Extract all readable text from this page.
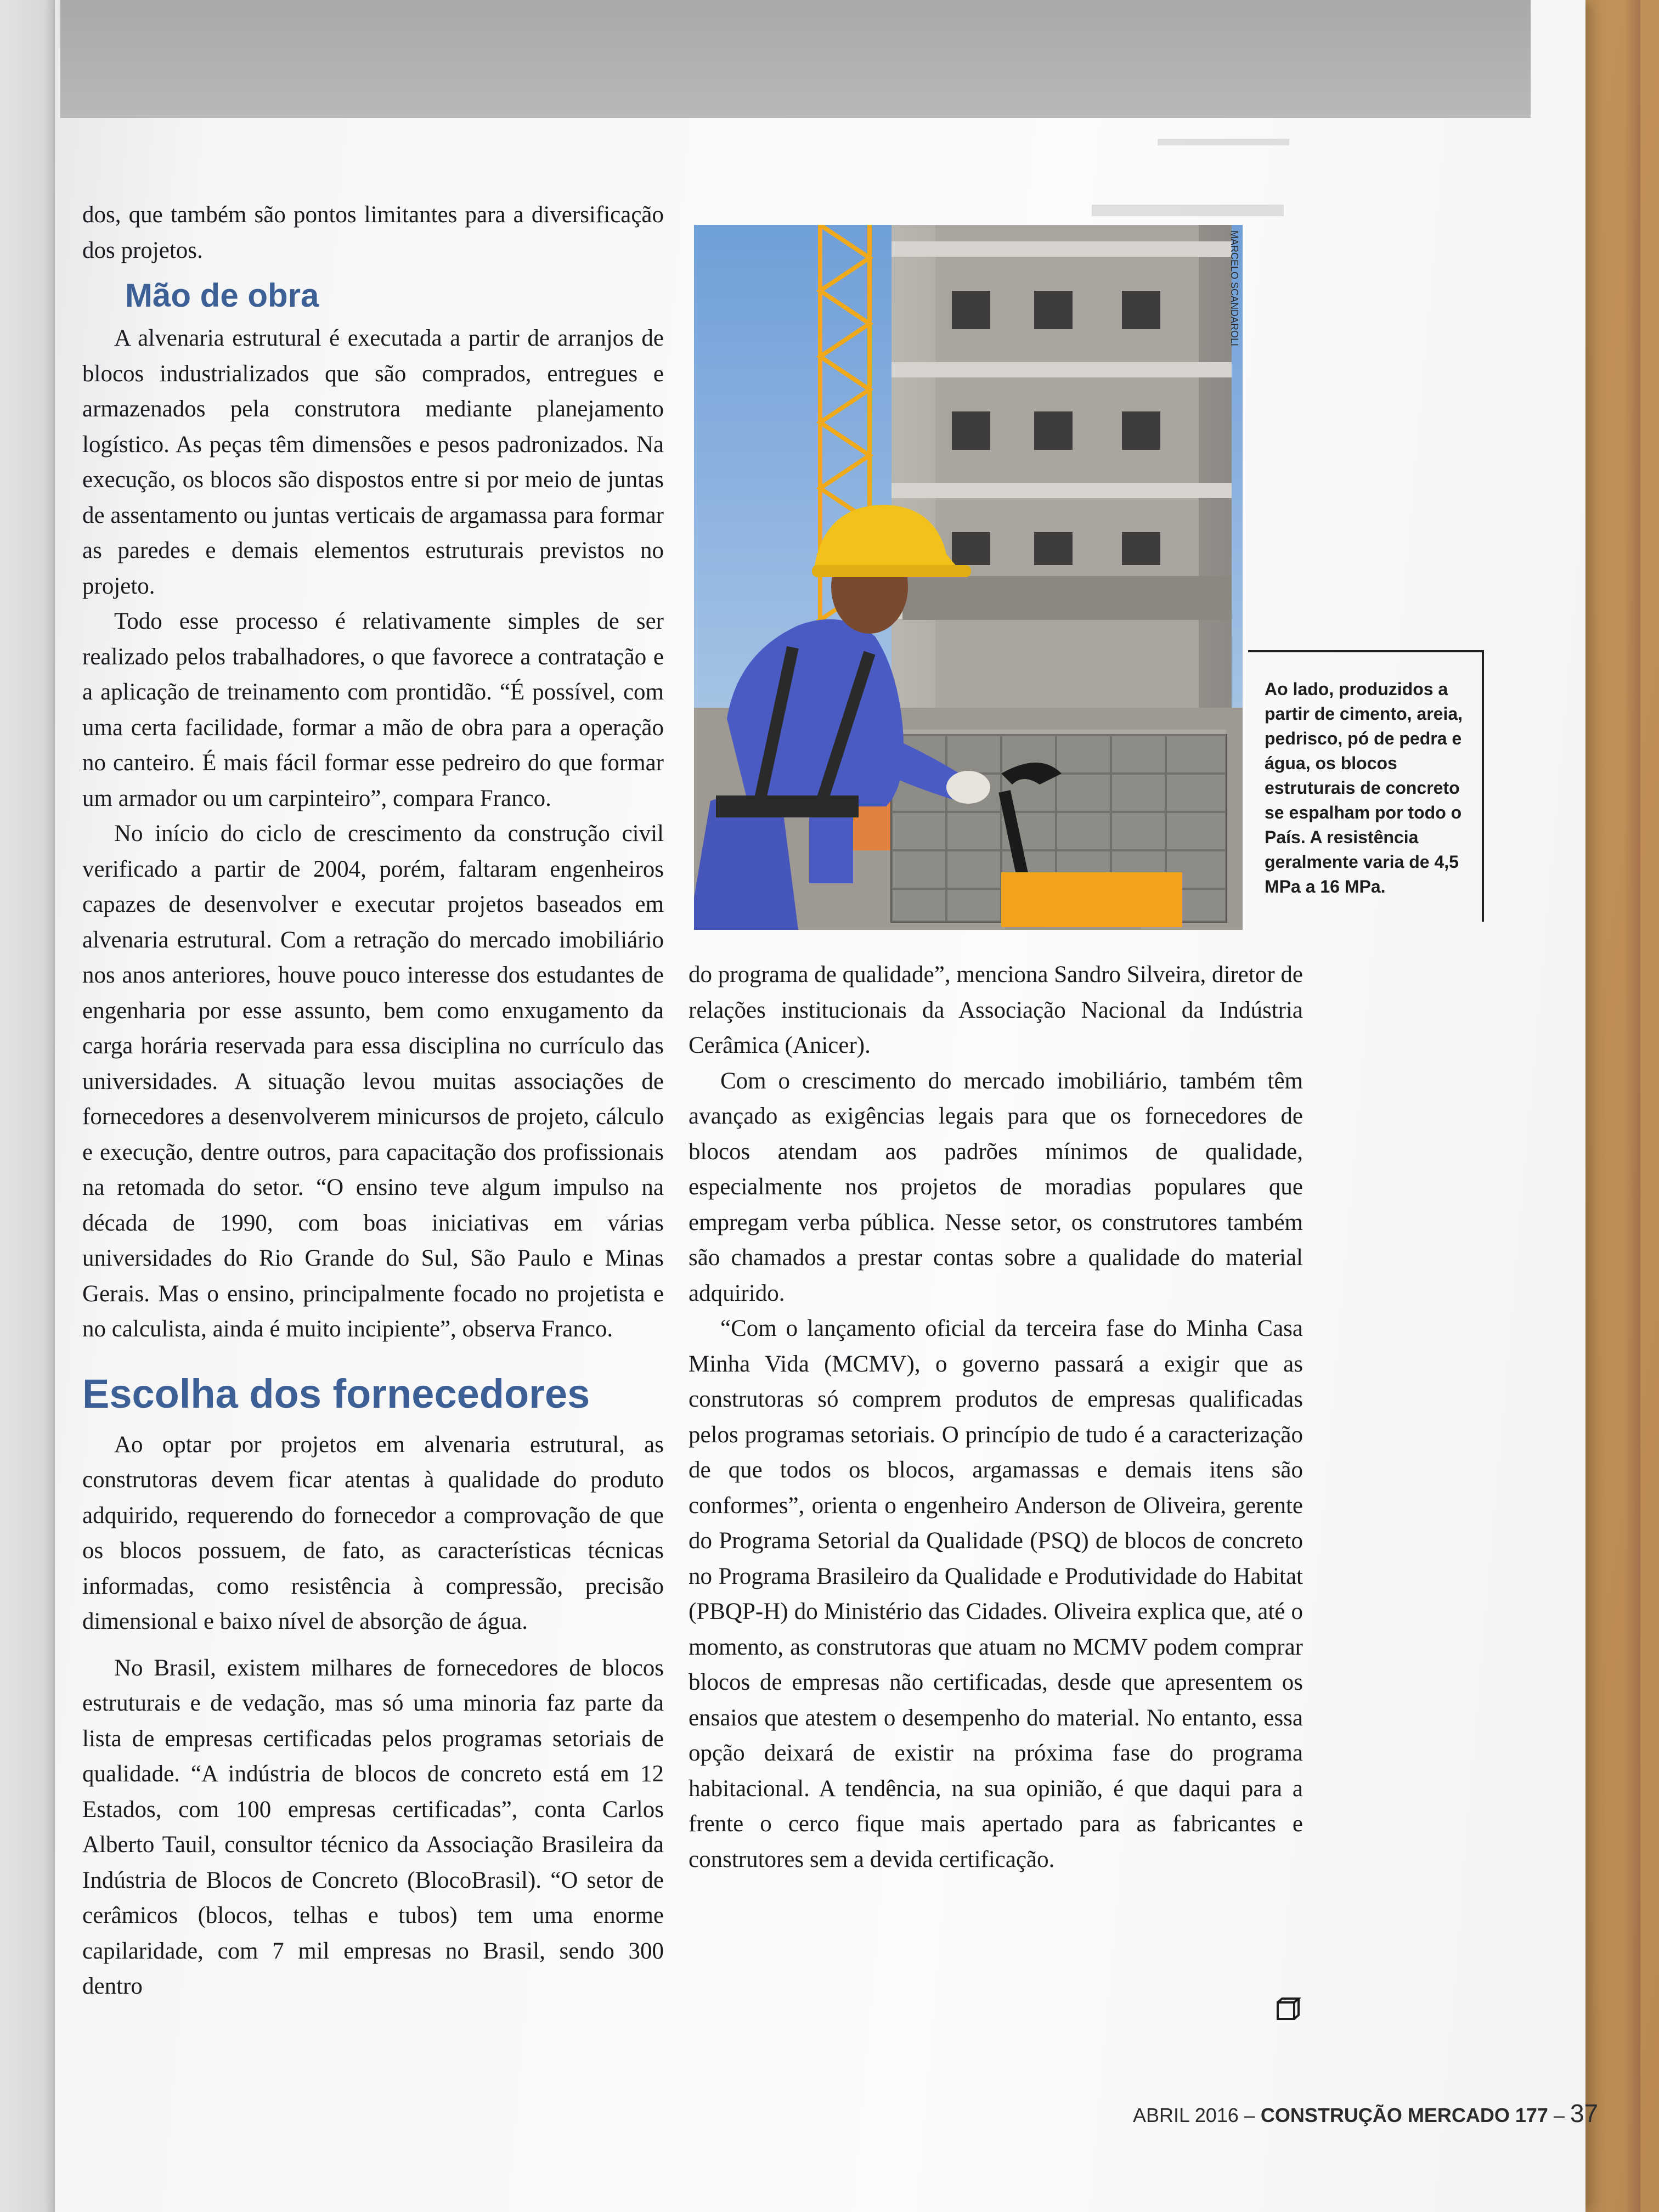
▬▬▬▬▬▬
▬▬▬▬▬

dos, que também são pontos limitantes para a diversificação dos projetos.

Mão de obra

A alvenaria estrutural é executada a partir de arranjos de blocos industrializados que são comprados, entregues e armazenados pela construtora mediante planejamento logístico. As peças têm dimensões e pesos padronizados. Na execução, os blocos são dispostos entre si por meio de juntas de assentamento ou juntas verticais de argamassa para formar as paredes e demais elementos estruturais previstos no projeto.

Todo esse processo é relativamente simples de ser realizado pelos trabalhadores, o que favorece a contratação e a aplicação de treinamento com prontidão. “É possível, com uma certa facilidade, formar a mão de obra para a operação no canteiro. É mais fácil formar esse pedreiro do que formar um armador ou um carpinteiro”, compara Franco.

No início do ciclo de crescimento da construção civil verificado a partir de 2004, porém, faltaram engenheiros capazes de desenvolver e executar projetos baseados em alvenaria estrutural. Com a retração do mercado imobiliário nos anos anteriores, houve pouco interesse dos estudantes de engenharia por esse assunto, bem como enxugamento da carga horária reservada para essa disciplina no currículo das universidades. A situação levou muitas associações de fornecedores a desenvolverem minicursos de projeto, cálculo e execução, dentre outros, para capacitação dos profissionais na retomada do setor. “O ensino teve algum impulso na década de 1990, com boas iniciativas em várias universidades do Rio Grande do Sul, São Paulo e Minas Gerais. Mas o ensino, principalmente focado no projetista e no calculista, ainda é muito incipiente”, observa Franco.

Escolha dos fornecedores

Ao optar por projetos em alvenaria estrutural, as construtoras devem ficar atentas à qualidade do produto adquirido, requerendo do fornecedor a comprovação de que os blocos possuem, de fato, as características técnicas informadas, como resistência à compressão, precisão dimensional e baixo nível de absorção de água.

No Brasil, existem milhares de fornecedores de blocos estruturais e de vedação, mas só uma minoria faz parte da lista de empresas certificadas pelos programas setoriais de qualidade. “A indústria de blocos de concreto está em 12 Estados, com 100 empresas certificadas”, conta Carlos Alberto Tauil, consultor técnico da Associação Brasileira da Indústria de Blocos de Concreto (BlocoBrasil). “O setor de cerâmicos (blocos, telhas e tubos) tem uma enorme capilaridade, com 7 mil empresas no Brasil, sendo 300 dentro

MARCELO SCANDAROLI
Ao lado, produzidos a partir de cimento, areia, pedrisco, pó de pedra e água, os blocos estruturais de concreto se espalham por todo o País. A resistência geralmente varia de 4,5 MPa a 16 MPa.

do programa de qualidade”, menciona Sandro Silveira, diretor de relações institucionais da Associação Nacional da Indústria Cerâmica (Anicer).

Com o crescimento do mercado imobiliário, também têm avançado as exigências legais para que os fornecedores de blocos atendam aos padrões mínimos de qualidade, especialmente nos projetos de moradias populares que empregam verba pública. Nesse setor, os construtores também são chamados a prestar contas sobre a qualidade do material adquirido.

“Com o lançamento oficial da terceira fase do Minha Casa Minha Vida (MCMV), o governo passará a exigir que as construtoras só comprem produtos de empresas qualificadas pelos programas setoriais. O princípio de tudo é a caracterização de que todos os blocos, argamassas e demais itens são conformes”, orienta o engenheiro Anderson de Oliveira, gerente do Programa Setorial da Qualidade (PSQ) de blocos de concreto no Programa Brasileiro da Qualidade e Produtividade do Habitat (PBQP-H) do Ministério das Cidades. Oliveira explica que, até o momento, as construtoras que atuam no MCMV podem comprar blocos de empresas não certificadas, desde que apresentem os ensaios que atestem o desempenho do material. No entanto, essa opção deixará de existir na próxima fase do programa habitacional. A tendência, na sua opinião, é que daqui para a frente o cerco fique mais apertado para as fabricantes e construtores sem a devida certificação.

ABRIL 2016 – CONSTRUÇÃO MERCADO 177 – 37
